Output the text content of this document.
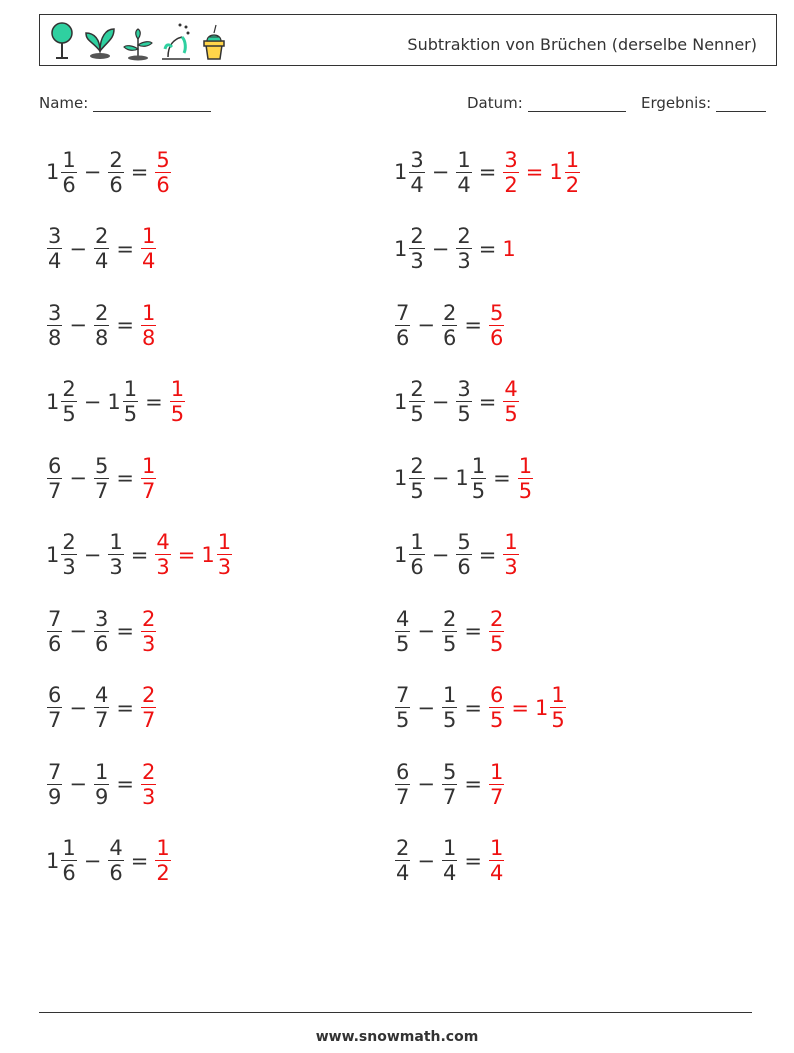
Subtraktion von Brüchen (derselbe Nenner)
Name:	Datum:	Ergebnis:
$1 \frac{1}{6} - \frac{2}{6} = \frac{5}{6}$	$1 \frac{3}{4} - \frac{1}{4} = \frac{3}{2} = 1 \frac{1}{2}$
$\frac{3}{4} - \frac{2}{4} = \frac{1}{4}$	$1 \frac{2}{3} - \frac{2}{3} = 1$
$\frac{3}{8} - \frac{2}{8} = \frac{1}{8}$	$\frac{7}{6} - \frac{2}{6} = \frac{5}{6}$
$1 \frac{2}{5} - 1 \frac{1}{5} = \frac{1}{5}$	$1 \frac{2}{5} - \frac{3}{5} = \frac{4}{5}$
$\frac{6}{7} - \frac{5}{7} = \frac{1}{7}$	$1 \frac{2}{5} - 1 \frac{1}{5} = \frac{1}{5}$
$1 \frac{2}{3} - \frac{1}{3} = \frac{4}{3} = 1 \frac{1}{3}$	$1 \frac{1}{6} - \frac{5}{6} = \frac{1}{3}$
$\frac{7}{6} - \frac{3}{6} = \frac{2}{3}$	$\frac{4}{5} - \frac{2}{5} = \frac{2}{5}$
$\frac{6}{7} - \frac{4}{7} = \frac{2}{7}$	$\frac{7}{5} - \frac{1}{5} = \frac{6}{5} = 1 \frac{1}{5}$
$\frac{7}{9} - \frac{1}{9} = \frac{2}{3}$	$\frac{6}{7} - \frac{5}{7} = \frac{1}{7}$
$1 \frac{1}{6} - \frac{4}{6} = \frac{1}{2}$	$\frac{2}{4} - \frac{1}{4} = \frac{1}{4}$
www.snowmath.com
